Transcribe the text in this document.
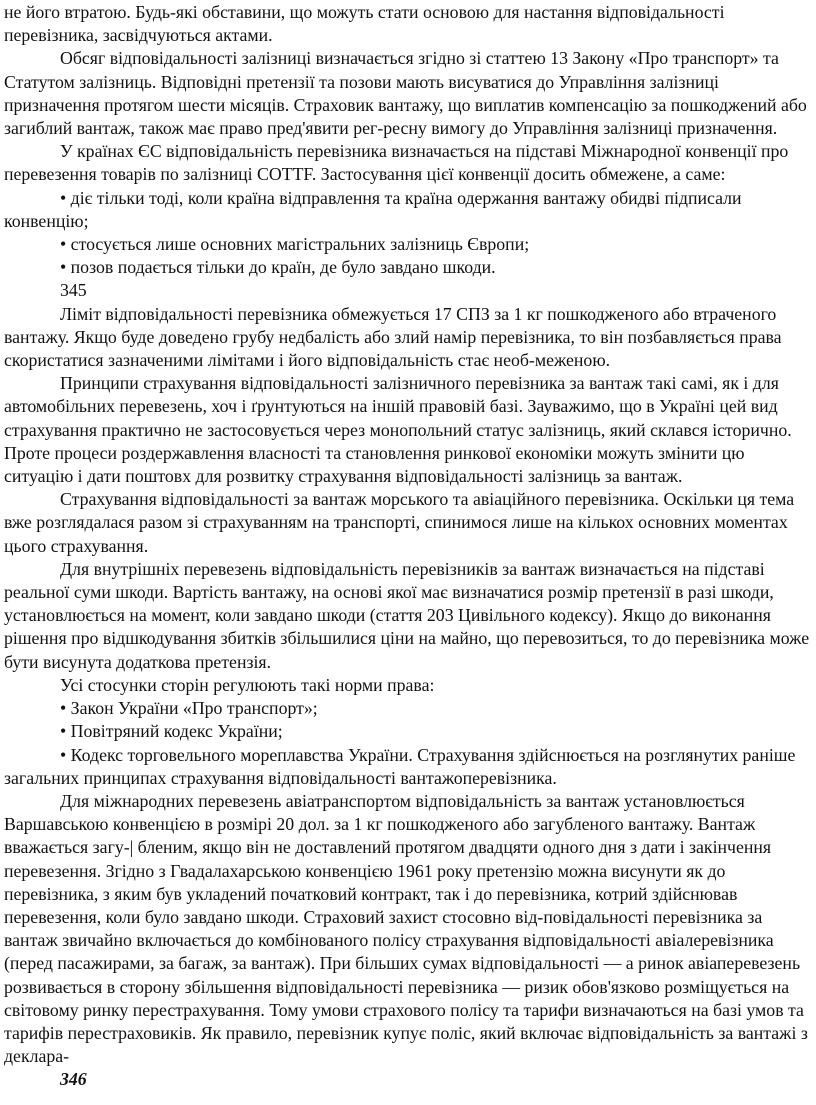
не його втратою. Будь-які обставини, що можуть стати основою для настання відповідальності перевізника, засвідчуються актами.

Обсяг відповідальності залізниці визначається згідно зі статтею 13 Закону «Про транспорт» та Статутом залізниць. Відповідні претензії та позови мають висуватися до Управління залізниці призначення протягом шести місяців. Страховик вантажу, що виплатив компенсацію за пошкоджений або загиблий вантаж, також має право пред'явити рег-ресну вимогу до Управління залізниці призначення.

У країнах ЄС відповідальність перевізника визначається на підставі Міжнародної конвенції про перевезення товарів по залізниці СОТТF. Застосування цієї конвенції досить обмежене, а саме:

• діє тільки тоді, коли країна відправлення та країна одержання вантажу обидві підписали конвенцію;

• стосується лише основних магістральних залізниць Європи;

• позов подається тільки до країн, де було завдано шкоди.

345

Ліміт відповідальності перевізника обмежується 17 СПЗ за 1 кг пошкодженого або втраченого вантажу. Якщо буде доведено грубу недбалість або злий намір перевізника, то він позбавляється права скористатися зазначеними лімітами і його відповідальність стає необ-меженою.

Принципи страхування відповідальності залізничного перевізника за вантаж такі самі, як і для автомобільних перевезень, хоч і ґрунтуються на іншій правовій базі. Зауважимо, що в Україні цей вид страхування практично не застосовується через монопольний статус залізниць, який склався історично. Проте процеси роздержавлення власності та становлення ринкової економіки можуть змінити цю ситуацію і дати поштовх для розвитку страхування відповідальності залізниць за вантаж.

Страхування відповідальності за вантаж морського та авіаційного перевізника. Оскільки ця тема вже розглядалася разом зі страхуванням на транспорті, спинимося лише на кількох основних моментах цього страхування.

Для внутрішніх перевезень відповідальність перевізників за вантаж визначається на підставі реальної суми шкоди. Вартість вантажу, на основі якої має визначатися розмір претензії в разі шкоди, установлюється на момент, коли завдано шкоди (стаття 203 Цивільного кодексу). Якщо до виконання рішення про відшкодування збитків збільшилися ціни на майно, що перевозиться, то до перевізника може бути висунута додаткова претензія.

Усі стосунки сторін регулюють такі норми права:

• Закон України «Про транспорт»;

• Повітряний кодекс України;

• Кодекс торговельного мореплавства України. Страхування здійснюється на розглянутих раніше загальних принципах страхування відповідальності вантажоперевізника.

Для міжнародних перевезень авіатранспортом відповідальність за вантаж установлюється Варшавською конвенцією в розмірі 20 дол. за 1 кг пошкодженого або загубленого вантажу. Вантаж вважається загу-| бленим, якщо він не доставлений протягом двадцяти одного дня з дати і закінчення перевезення. Згідно з Гвадалахарською конвенцією 1961 року претензію можна висунути як до перевізника, з яким був укладений початковий контракт, так і до перевізника, котрий здійснював перевезення, коли було завдано шкоди. Страховий захист стосовно від-повідальності перевізника за вантаж звичайно включається до комбінованого полісу страхування відповідальності авіалеревізника (перед пасажирами, за багаж, за вантаж). При більших сумах відповідальності — а ринок авіаперевезень розвивається в сторону збільшення відповідальності перевізника — ризик обов'язково розміщується на світовому ринку перестрахування. Тому умови страхового полісу та тарифи визначаються на базі умов та тарифів перестраховиків. Як правило, перевізник купує поліс, який включає відповідальність за вантажі з деклара-

346
